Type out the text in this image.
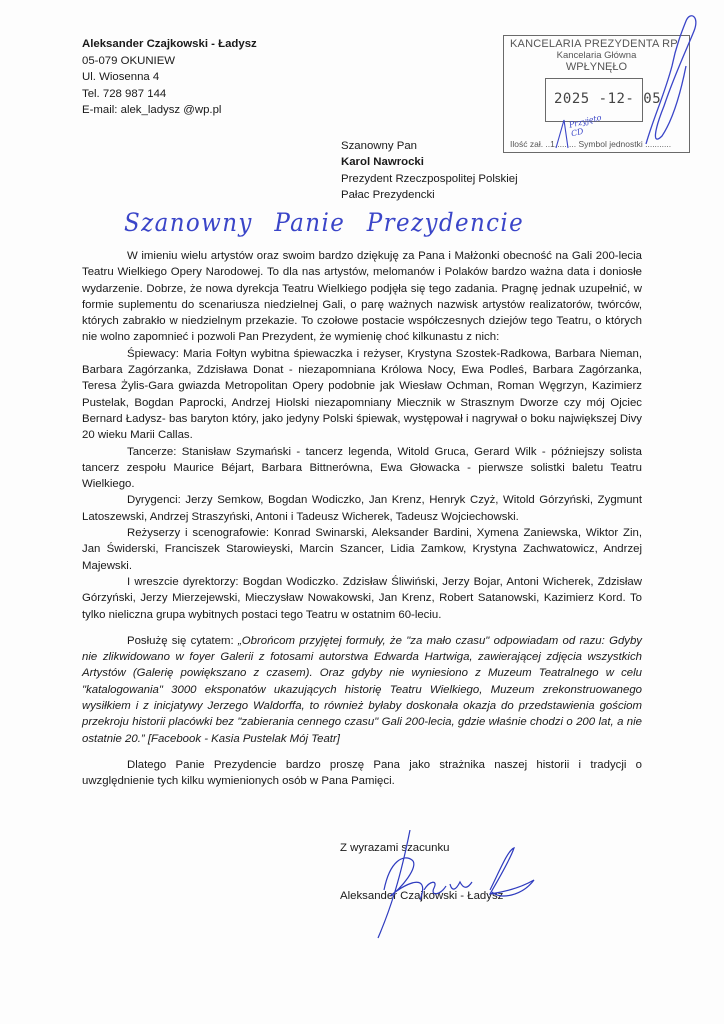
Aleksander Czajkowski - Ładysz
05-079 OKUNIEW
Ul. Wiosenna 4
Tel. 728 987 144
E-mail: alek_ladysz @wp.pl
KANCELARIA PREZYDENTA RP
Kancelaria Główna
WPŁYNĘŁO
2025 -12- 05
Ilość zał. ..1......... Symbol jednostki ...........
Przyjęto CD
Szanowny Pan
Karol Nawrocki
Prezydent Rzeczpospolitej Polskiej
Pałac Prezydencki
Szanowny Panie Prezydencie

W imieniu wielu artystów oraz swoim bardzo dziękuję za Pana i Małżonki obecność na Gali 200-lecia Teatru Wielkiego Opery Narodowej. To dla nas artystów, melomanów i Polaków bardzo ważna data i doniosłe wydarzenie. Dobrze, że nowa dyrekcja Teatru Wielkiego podjęła się tego zadania. Pragnę jednak uzupełnić, w formie suplementu do scenariusza niedzielnej Gali, o parę ważnych nazwisk artystów realizatorów, twórców, których zabrakło w niedzielnym przekazie. To czołowe postacie współczesnych dziejów tego Teatru, o których nie wolno zapomnieć i pozwoli Pan Prezydent, że wymienię choć kilkunastu z nich:

Śpiewacy: Maria Fołtyn wybitna śpiewaczka i reżyser, Krystyna Szostek-Radkowa, Barbara Nieman, Barbara Zagórzanka, Zdzisława Donat - niezapomniana Królowa Nocy, Ewa Podleś, Barbara Zagórzanka, Teresa Żylis-Gara gwiazda Metropolitan Opery podobnie jak Wiesław Ochman, Roman Węgrzyn, Kazimierz Pustelak, Bogdan Paprocki, Andrzej Hiolski niezapomniany Miecznik w Strasznym Dworze czy mój Ojciec Bernard Ładysz- bas baryton który, jako jedyny Polski śpiewak, występował i nagrywał o boku największej Divy 20 wieku Marii Callas.

Tancerze: Stanisław Szymański - tancerz legenda, Witold Gruca, Gerard Wilk - późniejszy solista tancerz zespołu Maurice Béjart, Barbara Bittnerówna, Ewa Głowacka - pierwsze solistki baletu Teatru Wielkiego.

Dyrygenci: Jerzy Semkow, Bogdan Wodiczko, Jan Krenz, Henryk Czyż, Witold Górzyński, Zygmunt Latoszewski, Andrzej Straszyński, Antoni i Tadeusz Wicherek, Tadeusz Wojciechowski.

Reżyserzy i scenografowie: Konrad Swinarski, Aleksander Bardini, Xymena Zaniewska, Wiktor Zin, Jan Świderski, Franciszek Starowieyski, Marcin Szancer, Lidia Zamkow, Krystyna Zachwatowicz, Andrzej Majewski.

I wreszcie dyrektorzy: Bogdan Wodiczko. Zdzisław Śliwiński, Jerzy Bojar, Antoni Wicherek, Zdzisław Górzyński, Jerzy Mierzejewski, Mieczysław Nowakowski, Jan Krenz, Robert Satanowski, Kazimierz Kord. To tylko nieliczna grupa wybitnych postaci tego Teatru w ostatnim 60-leciu.

Posłużę się cytatem: „Obrońcom przyjętej formuły, że "za mało czasu" odpowiadam od razu: Gdyby nie zlikwidowano w foyer Galerii z fotosami autorstwa Edwarda Hartwiga, zawierającej zdjęcia wszystkich Artystów (Galerię powiększano z czasem). Oraz gdyby nie wyniesiono z Muzeum Teatralnego w celu "katalogowania" 3000 eksponatów ukazujących historię Teatru Wielkiego, Muzeum zrekonstruowanego wysiłkiem i z inicjatywy Jerzego Waldorffa, to również byłaby doskonała okazja do przedstawienia gościom przekroju historii placówki bez "zabierania cennego czasu" Gali 200-lecia, gdzie właśnie chodzi o 200 lat, a nie ostatnie 20.” [Facebook - Kasia Pustelak Mój Teatr]

Dlatego Panie Prezydencie bardzo proszę Pana jako strażnika naszej historii i tradycji o uwzględnienie tych kilku wymienionych osób w Pana Pamięci.

Z wyrazami szacunku
Aleksander Czajkowski - Ładysz
